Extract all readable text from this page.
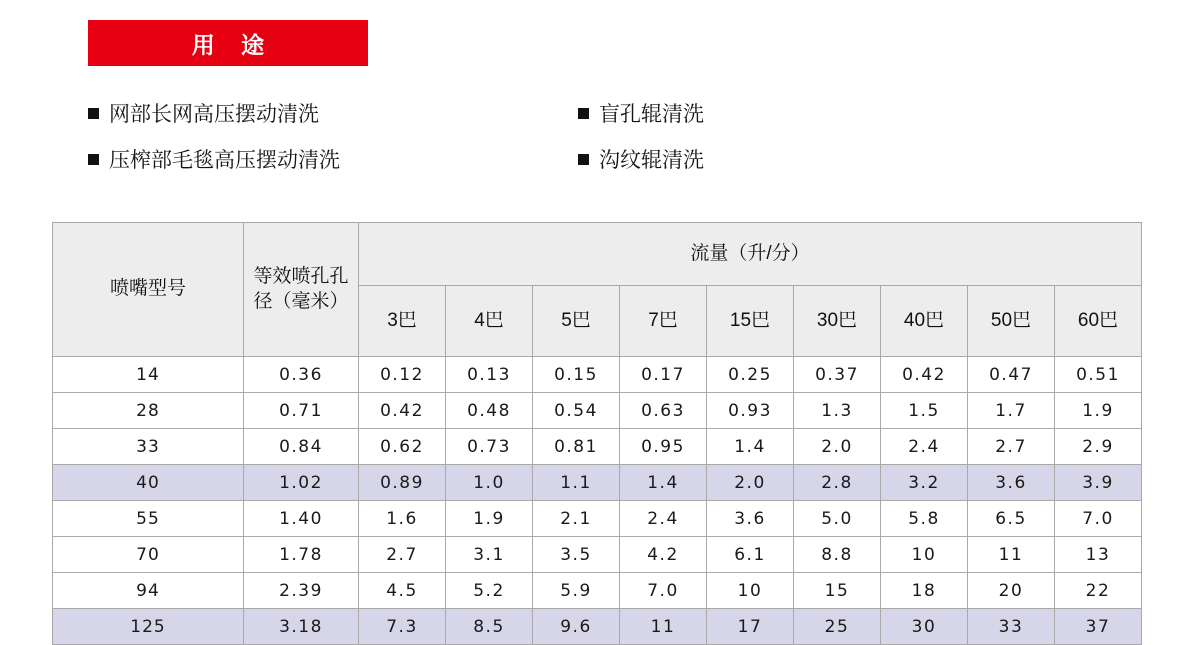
用 途
网部长网高压摆动清洗	盲孔辊清洗
压榨部毛毯高压摆动清洗	沟纹辊清洗
喷嘴型号	等效喷孔孔径（毫米）	流量（升/分）								
		3巴	4巴	5巴	7巴	15巴	30巴	40巴	50巴	60巴
14	0.36	0.12	0.13	0.15	0.17	0.25	0.37	0.42	0.47	0.51
28	0.71	0.42	0.48	0.54	0.63	0.93	1.3	1.5	1.7	1.9
33	0.84	0.62	0.73	0.81	0.95	1.4	2.0	2.4	2.7	2.9
40	1.02	0.89	1.0	1.1	1.4	2.0	2.8	3.2	3.6	3.9
55	1.40	1.6	1.9	2.1	2.4	3.6	5.0	5.8	6.5	7.0
70	1.78	2.7	3.1	3.5	4.2	6.1	8.8	10	11	13
94	2.39	4.5	5.2	5.9	7.0	10	15	18	20	22
125	3.18	7.3	8.5	9.6	11	17	25	30	33	37
